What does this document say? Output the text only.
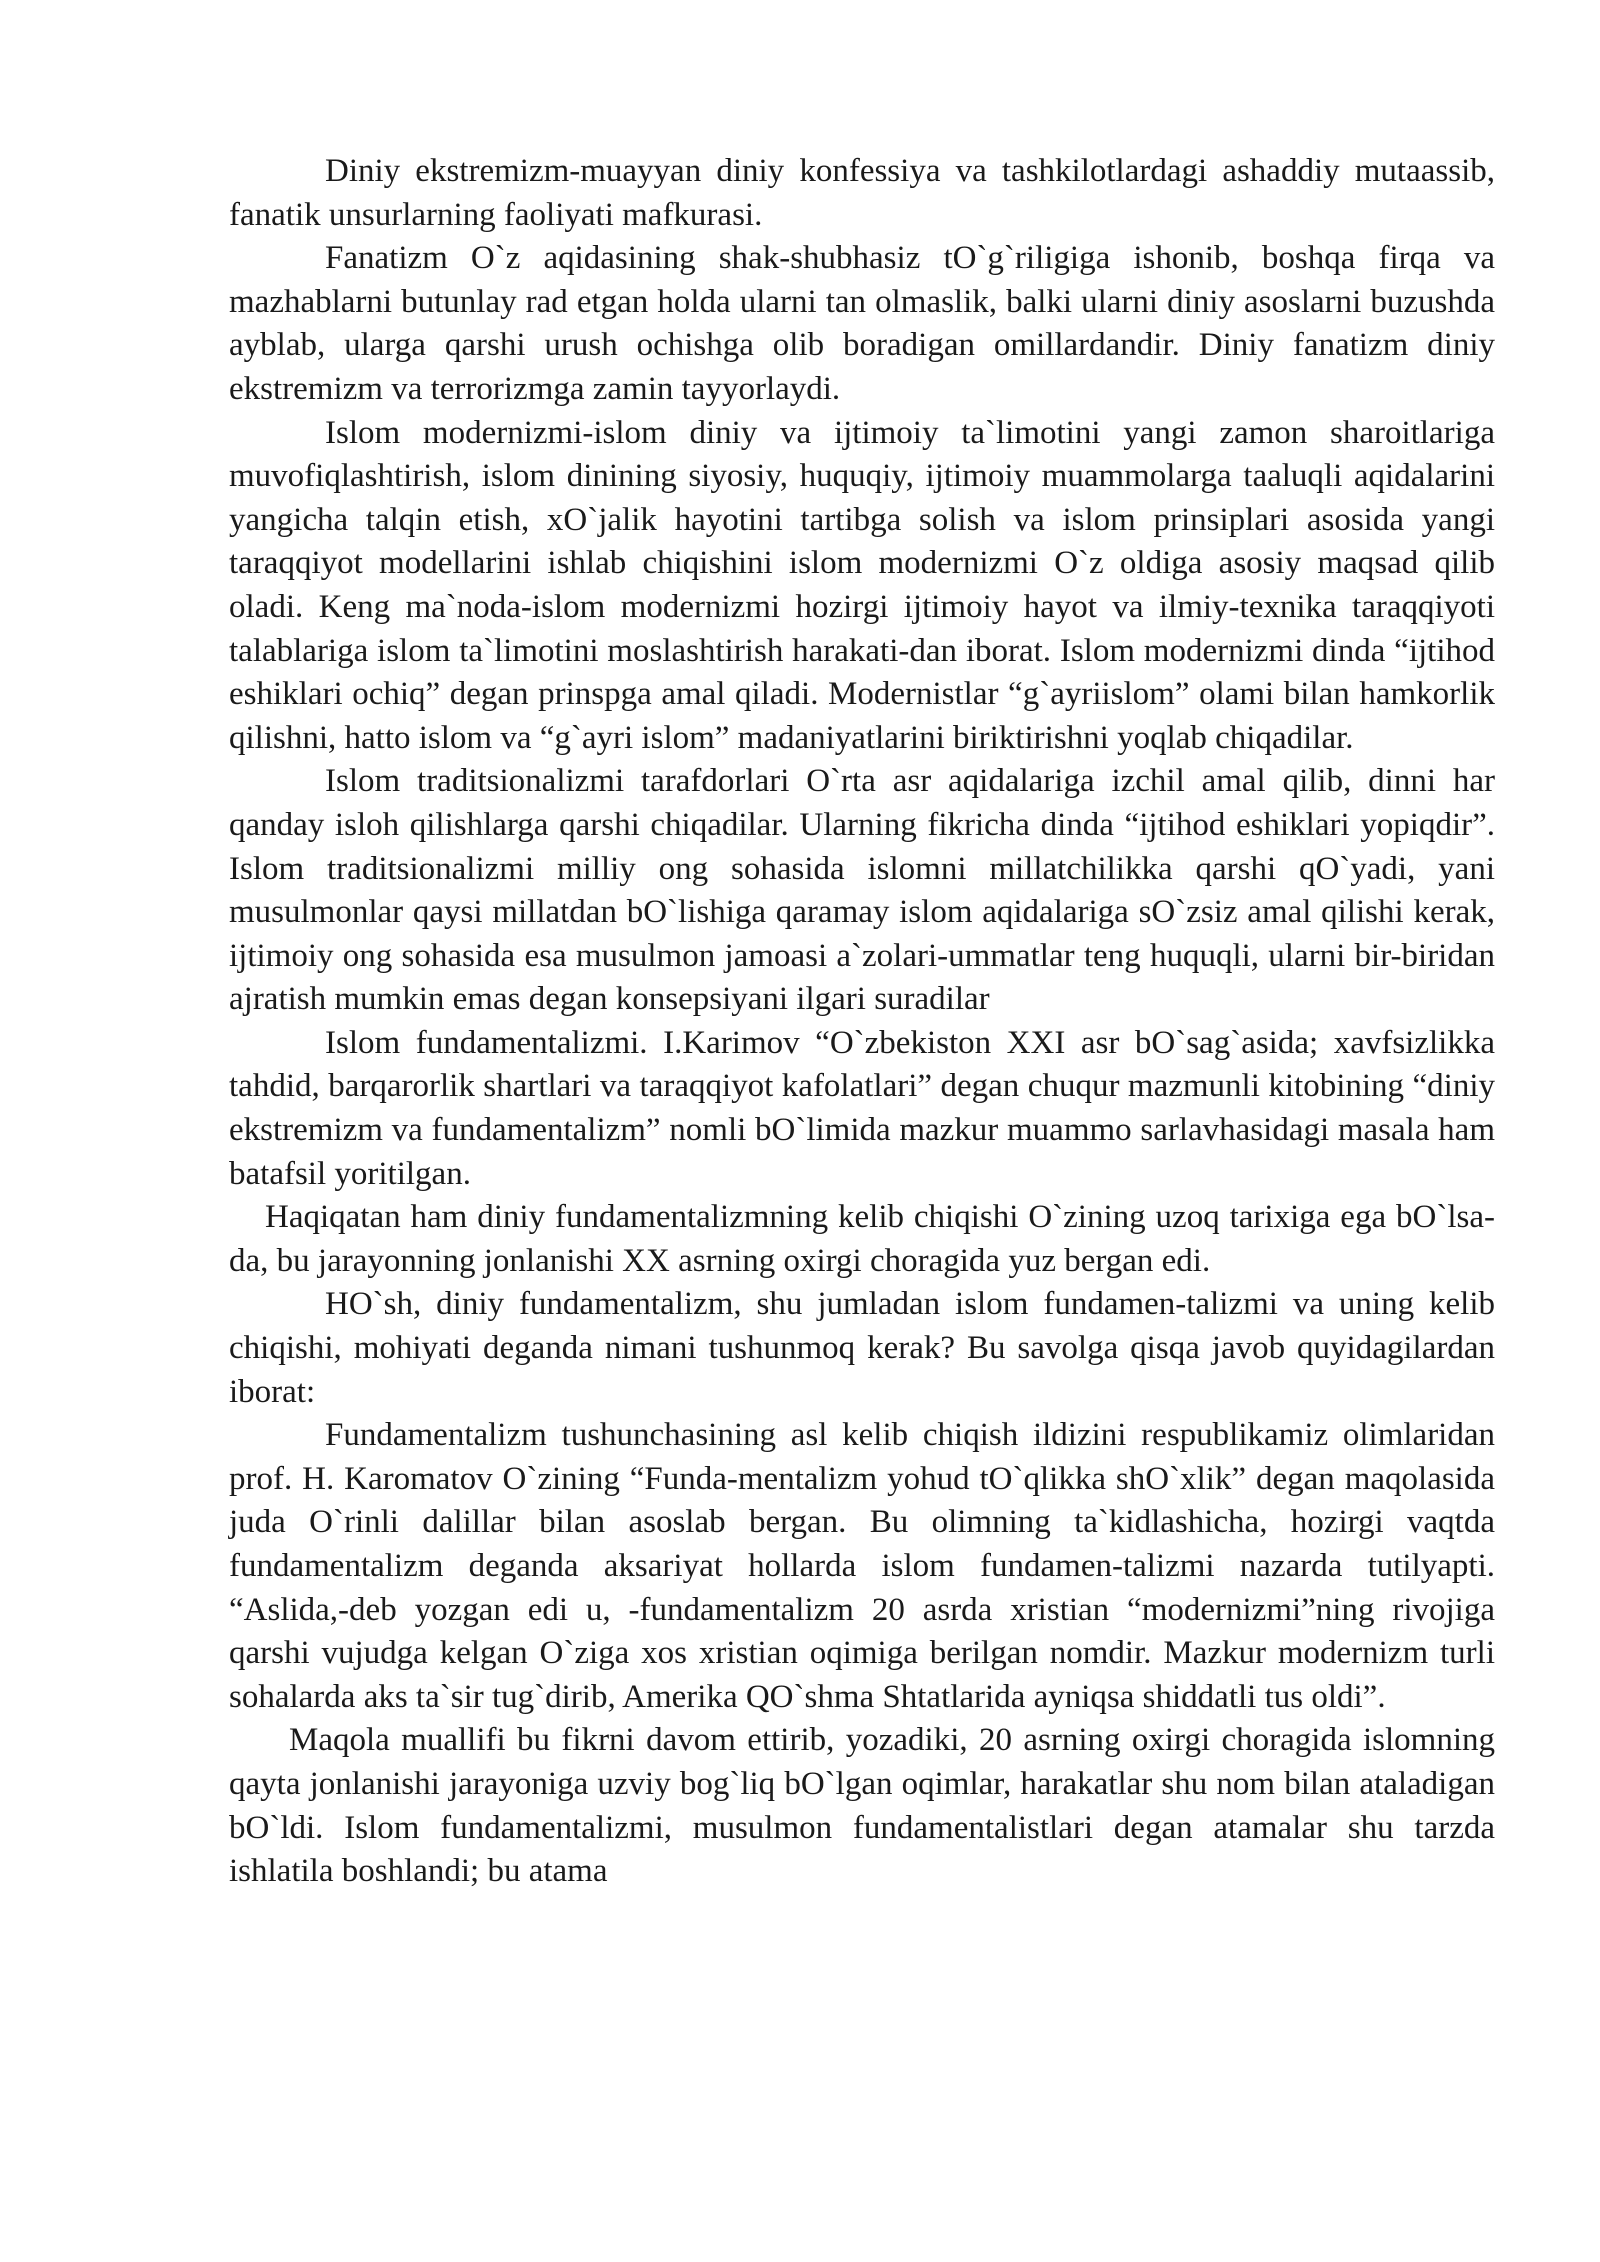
Diniy ekstremizm-muayyan diniy konfessiya va tashkilotlardagi ashaddiy mutaassib, fanatik unsurlarning faoliyati mafkurasi.

Fanatizm O`z aqidasining shak-shubhasiz tO`g`riligiga ishonib, boshqa firqa va mazhablarni butunlay rad etgan holda ularni tan olmaslik, balki ularni diniy asoslarni buzushda ayblab, ularga qarshi urush ochishga olib boradigan omillardandir. Diniy fanatizm diniy ekstremizm va terrorizmga zamin tayyorlaydi.

Islom modernizmi-islom diniy va ijtimoiy ta`limotini yangi zamon sharoitlariga muvofiqlashtirish, islom dinining siyosiy, huquqiy, ijtimoiy muammolarga taaluqli aqidalarini yangicha talqin etish, xO`jalik hayotini tartibga solish va islom prinsiplari asosida yangi taraqqiyot modellarini ishlab chiqishini islom modernizmi O`z oldiga asosiy maqsad qilib oladi. Keng ma`noda-islom modernizmi hozirgi ijtimoiy hayot va ilmiy-texnika taraqqiyoti talablariga islom ta`limotini moslashtirish harakati-dan iborat. Islom modernizmi dinda “ijtihod eshiklari ochiq” degan prinspga amal qiladi. Modernistlar “g`ayriislom” olami bilan hamkorlik qilishni, hatto islom va “g`ayri islom” madaniyatlarini biriktirishni yoqlab chiqadilar.

Islom traditsionalizmi tarafdorlari O`rta asr aqidalariga izchil amal qilib, dinni har qanday isloh qilishlarga qarshi chiqadilar. Ularning fikricha dinda “ijtihod eshiklari yopiqdir”. Islom traditsionalizmi milliy ong sohasida islomni millatchilikka qarshi qO`yadi, yani musulmonlar qaysi millatdan bO`lishiga qaramay islom aqidalariga sO`zsiz amal qilishi kerak, ijtimoiy ong sohasida esa musulmon jamoasi a`zolari-ummatlar teng huquqli, ularni bir-biridan ajratish mumkin emas degan konsepsiyani ilgari suradilar

Islom fundamentalizmi. I.Karimov “O`zbekiston XXI asr bO`sag`asida; xavfsizlikka tahdid, barqarorlik shartlari va taraqqiyot kafolatlari” degan chuqur mazmunli kitobining “diniy ekstremizm va fundamentalizm” nomli bO`limida mazkur muammo sarlavhasidagi masala ham batafsil yoritilgan.

Haqiqatan ham diniy fundamentalizmning kelib chiqishi O`zining uzoq tarixiga ega bO`lsa-da, bu jarayonning jonlanishi XX asrning oxirgi choragida yuz bergan edi.

HO`sh, diniy fundamentalizm, shu jumladan islom fundamen-talizmi va uning kelib chiqishi, mohiyati deganda nimani tushunmoq kerak? Bu savolga qisqa javob quyidagilardan iborat:

Fundamentalizm tushunchasining asl kelib chiqish ildizini respublikamiz olimlaridan prof. H. Karomatov O`zining “Funda-mentalizm yohud tO`qlikka shO`xlik” degan maqolasida juda O`rinli dalillar bilan asoslab bergan. Bu olimning ta`kidlashicha, hozirgi vaqtda fundamentalizm deganda aksariyat hollarda islom fundamen-talizmi nazarda tutilyapti. “Aslida,-deb yozgan edi u, -fundamentalizm 20 asrda xristian “modernizmi”ning rivojiga qarshi vujudga kelgan O`ziga xos xristian oqimiga berilgan nomdir. Mazkur modernizm turli sohalarda aks ta`sir tug`dirib, Amerika QO`shma Shtatlarida ayniqsa shiddatli tus oldi”.

Maqola muallifi bu fikrni davom ettirib, yozadiki, 20 asrning oxirgi choragida islomning qayta jonlanishi jarayoniga uzviy bog`liq bO`lgan oqimlar, harakatlar shu nom bilan ataladigan bO`ldi. Islom fundamentalizmi, musulmon fundamentalistlari degan atamalar shu tarzda ishlatila boshlandi; bu atama
